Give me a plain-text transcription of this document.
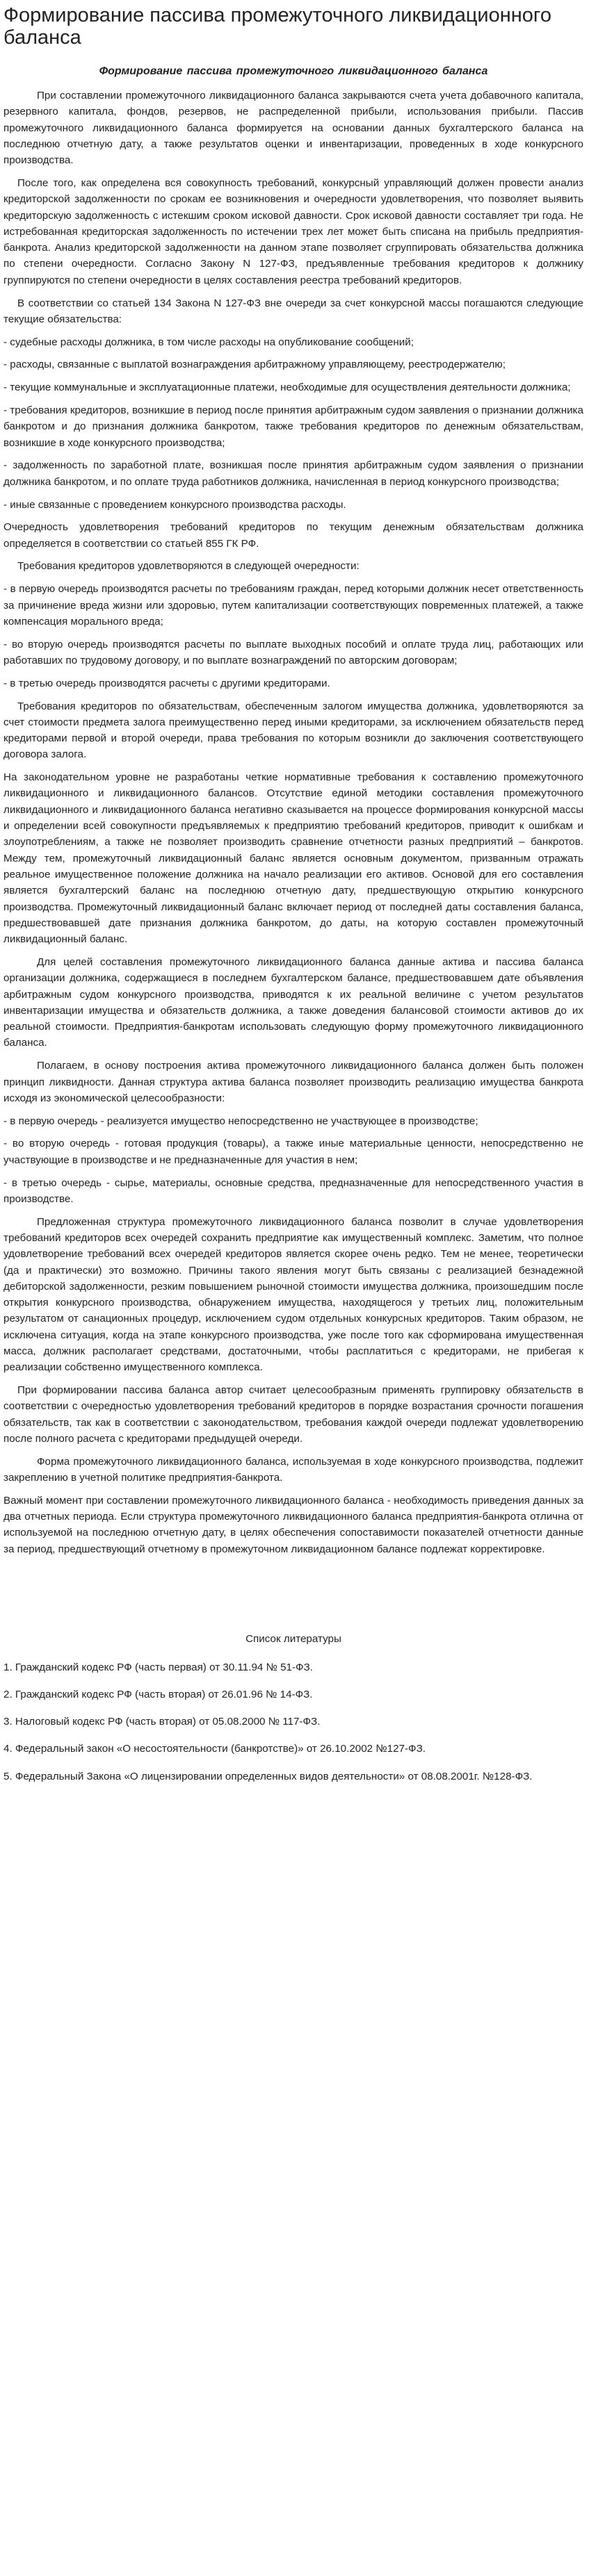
Формирование пассива промежуточного ликвидационного баланса
Формирование пассива промежуточного ликвидационного баланса

При составлении промежуточного ликвидационного баланса закрываются счета учета добавочного капитала, резервного капитала, фондов, резервов, не распределенной прибыли, использования прибыли. Пассив промежуточного ликвидационного баланса формируется на основании данных бухгалтерского баланса на последнюю отчетную дату, а также результатов оценки и инвентаризации, проведенных в ходе конкурсного производства.

После того, как определена вся совокупность требований, конкурсный управляющий должен провести анализ кредиторской задолженности по срокам ее возникновения и очередности удовлетворения, что позволяет выявить кредиторскую задолженность с истекшим сроком исковой давности. Срок исковой давности составляет три года. Не истребованная кредиторская задолженность по истечении трех лет может быть списана на прибыль предприятия-банкрота. Анализ кредиторской задолженности на данном этапе позволяет сгруппировать обязательства должника по степени очередности. Согласно Закону N 127-ФЗ, предъявленные требования кредиторов к должнику группируются по степени очередности в целях составления реестра требований кредиторов.

В соответствии со статьей 134 Закона N 127-ФЗ вне очереди за счет конкурсной массы погашаются следующие текущие обязательства:

- судебные расходы должника, в том числе расходы на опубликование сообщений;

- расходы, связанные с выплатой вознаграждения арбитражному управляющему, реестродержателю;

- текущие коммунальные и эксплуатационные платежи, необходимые для осуществления деятельности должника;

- требования кредиторов, возникшие в период после принятия арбитражным судом заявления о признании должника банкротом и до признания должника банкротом, также требования кредиторов по денежным обязательствам, возникшие в ходе конкурсного производства;

- задолженность по заработной плате, возникшая после принятия арбитражным судом заявления о признании должника банкротом, и по оплате труда работников должника, начисленная в период конкурсного производства;

- иные связанные с проведением конкурсного производства расходы.

Очередность удовлетворения требований кредиторов по текущим денежным обязательствам должника определяется в соответствии со статьей 855 ГК РФ.

Требования кредиторов удовлетворяются в следующей очередности:

- в первую очередь производятся расчеты по требованиям граждан, перед которыми должник несет ответственность за причинение вреда жизни или здоровью, путем капитализации соответствующих повременных платежей, а также компенсация морального вреда;

- во вторую очередь производятся расчеты по выплате выходных пособий и оплате труда лиц, работающих или работавших по трудовому договору, и по выплате вознаграждений по авторским договорам;

- в третью очередь производятся расчеты с другими кредиторами.

Требования кредиторов по обязательствам, обеспеченным залогом имущества должника, удовлетворяются за счет стоимости предмета залога преимущественно перед иными кредиторами, за исключением обязательств перед кредиторами первой и второй очереди, права требования по которым возникли до заключения соответствующего договора залога.

На законодательном уровне не разработаны четкие нормативные требования к составлению промежуточного ликвидационного и ликвидационного балансов. Отсутствие единой методики составления промежуточного ликвидационного и ликвидационного баланса негативно сказывается на процессе формирования конкурсной массы и определении всей совокупности предъявляемых к предприятию требований кредиторов, приводит к ошибкам и злоупотреблениям, а также не позволяет производить сравнение отчетности разных предприятий – банкротов. Между тем, промежуточный ликвидационный баланс является основным документом, призванным отражать реальное имущественное положение должника на начало реализации его активов. Основой для его составления является бухгалтерский баланс на последнюю отчетную дату, предшествующую открытию конкурсного производства. Промежуточный ликвидационный баланс включает период от последней даты составления баланса, предшествовавшей дате признания должника банкротом, до даты, на которую составлен промежуточный ликвидационный баланс.

Для целей составления промежуточного ликвидационного баланса данные актива и пассива баланса организации должника, содержащиеся в последнем бухгалтерском балансе, предшествовавшем дате объявления арбитражным судом конкурсного производства, приводятся к их реальной величине с учетом результатов инвентаризации имущества и обязательств должника, а также доведения балансовой стоимости активов до их реальной стоимости. Предприятия-банкротам использовать следующую форму промежуточного ликвидационного баланса.

Полагаем, в основу построения актива промежуточного ликвидационного баланса должен быть положен принцип ликвидности. Данная структура актива баланса позволяет производить реализацию имущества банкрота исходя из экономической целесообразности:

- в первую очередь - реализуется имущество непосредственно не участвующее в производстве;

- во вторую очередь - готовая продукция (товары), а также иные материальные ценности, непосредственно не участвующие в производстве и не предназначенные для участия в нем;

- в третью очередь - сырье, материалы, основные средства, предназначенные для непосредственного участия в производстве.

Предложенная структура промежуточного ликвидационного баланса позволит в случае удовлетворения требований кредиторов всех очередей сохранить предприятие как имущественный комплекс. Заметим, что полное удовлетворение требований всех очередей кредиторов является скорее очень редко. Тем не менее, теоретически (да и практически) это возможно. Причины такого явления могут быть связаны с реализацией безнадежной дебиторской задолженности, резким повышением рыночной стоимости имущества должника, произошедшим после открытия конкурсного производства, обнаружением имущества, находящегося у третьих лиц, положительным результатом от санационных процедур, исключением судом отдельных конкурсных кредиторов. Таким образом, не исключена ситуация, когда на этапе конкурсного производства, уже после того как сформирована имущественная масса, должник располагает средствами, достаточными, чтобы расплатиться с кредиторами, не прибегая к реализации собственно имущественного комплекса.

При формировании пассива баланса автор считает целесообразным применять группировку обязательств в соответствии с очередностью удовлетворения требований кредиторов в порядке возрастания срочности погашения обязательств, так как в соответствии с законодательством, требования каждой очереди подлежат удовлетворению после полного расчета с кредиторами предыдущей очереди.

Форма промежуточного ликвидационного баланса, используемая в ходе конкурсного производства, подлежит закреплению в учетной политике предприятия-банкрота.

Важный момент при составлении промежуточного ликвидационного баланса - необходимость приведения данных за два отчетных периода. Если структура промежуточного ликвидационного баланса предприятия-банкрота отлична от используемой на последнюю отчетную дату, в целях обеспечения сопоставимости показателей отчетности данные за период, предшествующий отчетному в промежуточном ликвидационном балансе подлежат корректировке.

Список литературы
1. Гражданский кодекс РФ (часть первая) от 30.11.94 № 51-ФЗ.
2. Гражданский кодекс РФ (часть вторая) от 26.01.96 № 14-ФЗ.
3. Налоговый кодекс РФ (часть вторая) от 05.08.2000 № 117-ФЗ.
4. Федеральный закон «О несостоятельности (банкротстве)» от 26.10.2002 №127-ФЗ.
5. Федеральный Закона «О лицензировании определенных видов деятельности» от 08.08.2001г. №128-ФЗ.
